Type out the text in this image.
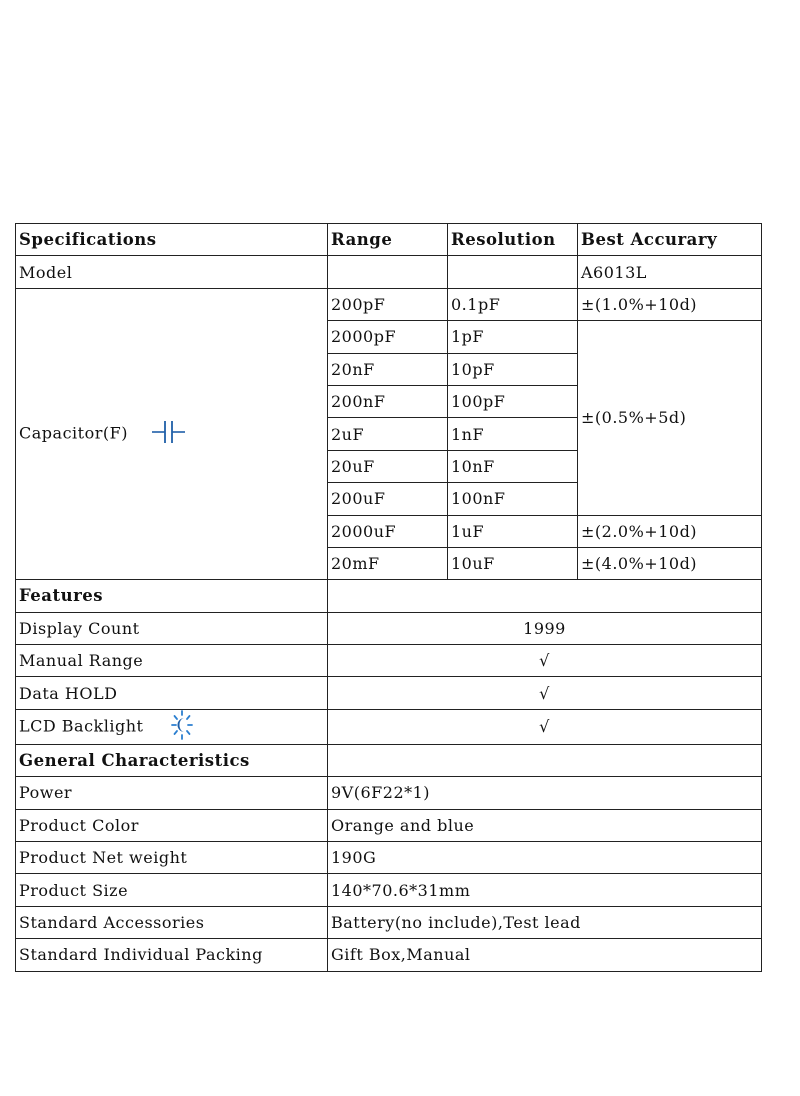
Specifications	Range	Resolution	Best Accurary
Model			A6013L
Capacitor(F)	200pF	0.1pF	±(1.0%+10d)
	2000pF	1pF	±(0.5%+5d)
	20nF	10pF	
	200nF	100pF	
	2uF	1nF	
	20uF	10nF	
	200uF	100nF	
	2000uF	1uF	±(2.0%+10d)
	20mF	10uF	±(4.0%+10d)
Features			
Display Count	1999		
Manual Range	√		
Data HOLD	√		
LCD Backlight	√		
General Characteristics			
Power	9V(6F22*1)		
Product Color	Orange and blue		
Product Net weight	190G		
Product Size	140*70.6*31mm		
Standard Accessories	Battery(no include),Test lead		
Standard Individual Packing	Gift Box,Manual		
